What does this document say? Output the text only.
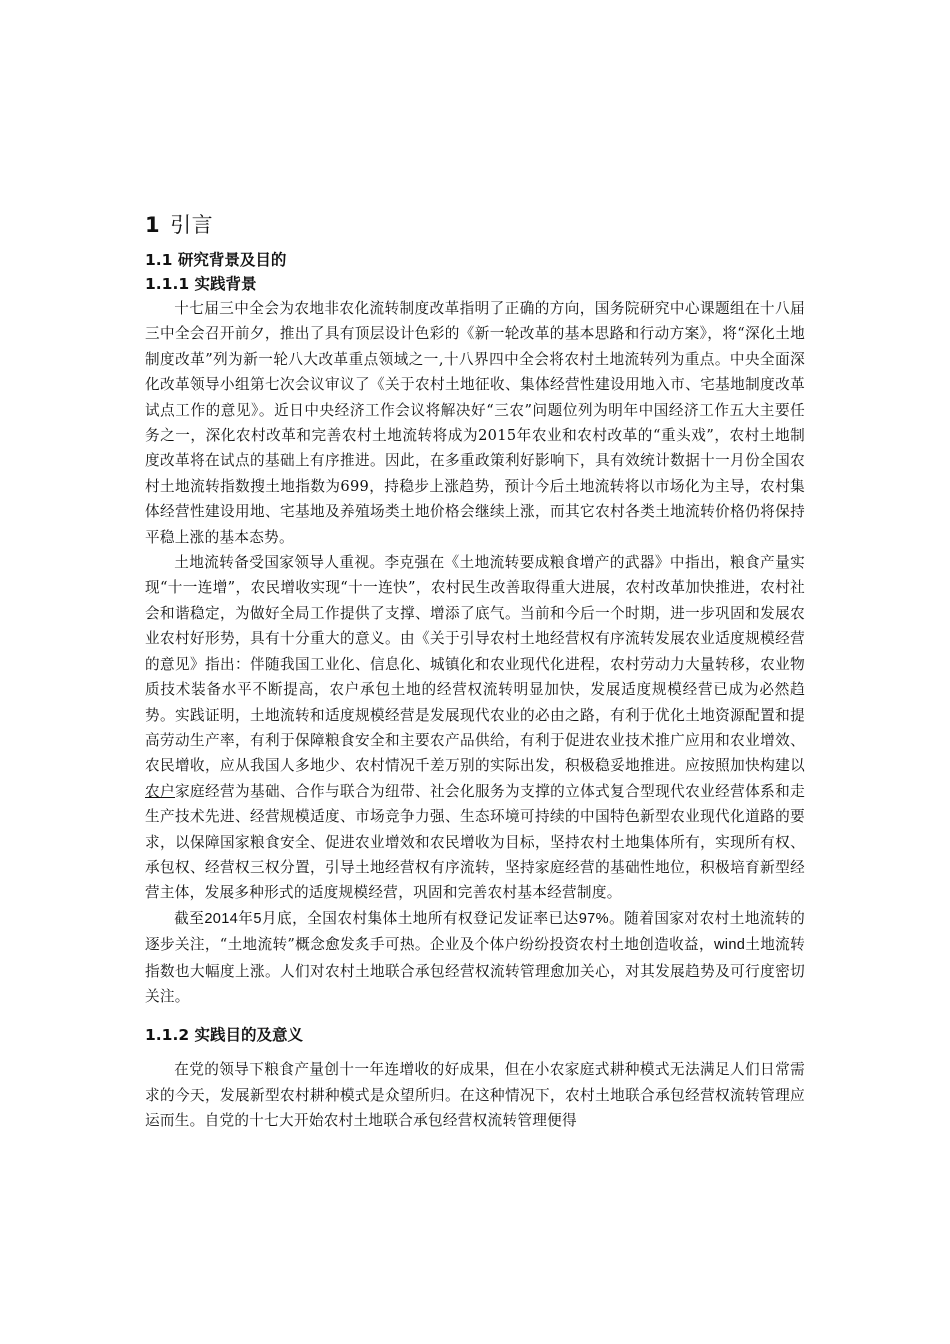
1 引言
1.1 研究背景及目的
1.1.1 实践背景

十七届三中全会为农地非农化流转制度改革指明了正确的方向，国务院研究中心课题组在十八届三中全会召开前夕，推出了具有顶层设计色彩的《新一轮改革的基本思路和行动方案》，将“深化土地制度改革”列为新一轮八大改革重点领域之一,十八界四中全会将农村土地流转列为重点。中央全面深化改革领导小组第七次会议审议了《关于农村土地征收、集体经营性建设用地入市、宅基地制度改革试点工作的意见》。近日中央经济工作会议将解决好“三农”问题位列为明年中国经济工作五大主要任务之一，深化农村改革和完善农村土地流转将成为2015年农业和农村改革的“重头戏”，农村土地制度改革将在试点的基础上有序推进。因此，在多重政策利好影响下，具有效统计数据十一月份全国农村土地流转指数搜土地指数为699，持稳步上涨趋势，预计今后土地流转将以市场化为主导，农村集体经营性建设用地、宅基地及养殖场类土地价格会继续上涨，而其它农村各类土地流转价格仍将保持平稳上涨的基本态势。

土地流转备受国家领导人重视。李克强在《土地流转要成粮食增产的武器》中指出，粮食产量实现“十一连增”，农民增收实现“十一连快”，农村民生改善取得重大进展，农村改革加快推进，农村社会和谐稳定，为做好全局工作提供了支撑、增添了底气。当前和今后一个时期，进一步巩固和发展农业农村好形势，具有十分重大的意义。由《关于引导农村土地经营权有序流转发展农业适度规模经营的意见》指出：伴随我国工业化、信息化、城镇化和农业现代化进程，农村劳动力大量转移，农业物质技术装备水平不断提高，农户承包土地的经营权流转明显加快，发展适度规模经营已成为必然趋势。实践证明，土地流转和适度规模经营是发展现代农业的必由之路，有利于优化土地资源配置和提高劳动生产率，有利于保障粮食安全和主要农产品供给，有利于促进农业技术推广应用和农业增效、农民增收，应从我国人多地少、农村情况千差万别的实际出发，积极稳妥地推进。应按照加快构建以农户家庭经营为基础、合作与联合为纽带、社会化服务为支撑的立体式复合型现代农业经营体系和走生产技术先进、经营规模适度、市场竞争力强、生态环境可持续的中国特色新型农业现代化道路的要求，以保障国家粮食安全、促进农业增效和农民增收为目标，坚持农村土地集体所有，实现所有权、承包权、经营权三权分置，引导土地经营权有序流转，坚持家庭经营的基础性地位，积极培育新型经营主体，发展多种形式的适度规模经营，巩固和完善农村基本经营制度。

截至2014年5月底，全国农村集体土地所有权登记发证率已达97%。随着国家对农村土地流转的逐步关注，“土地流转”概念愈发炙手可热。企业及个体户纷纷投资农村土地创造收益，wind土地流转指数也大幅度上涨。人们对农村土地联合承包经营权流转管理愈加关心，对其发展趋势及可行度密切关注。

1.1.2 实践目的及意义

在党的领导下粮食产量创十一年连增收的好成果，但在小农家庭式耕种模式无法满足人们日常需求的今天，发展新型农村耕种模式是众望所归。在这种情况下，农村土地联合承包经营权流转管理应运而生。自党的十七大开始农村土地联合承包经营权流转管理便得
